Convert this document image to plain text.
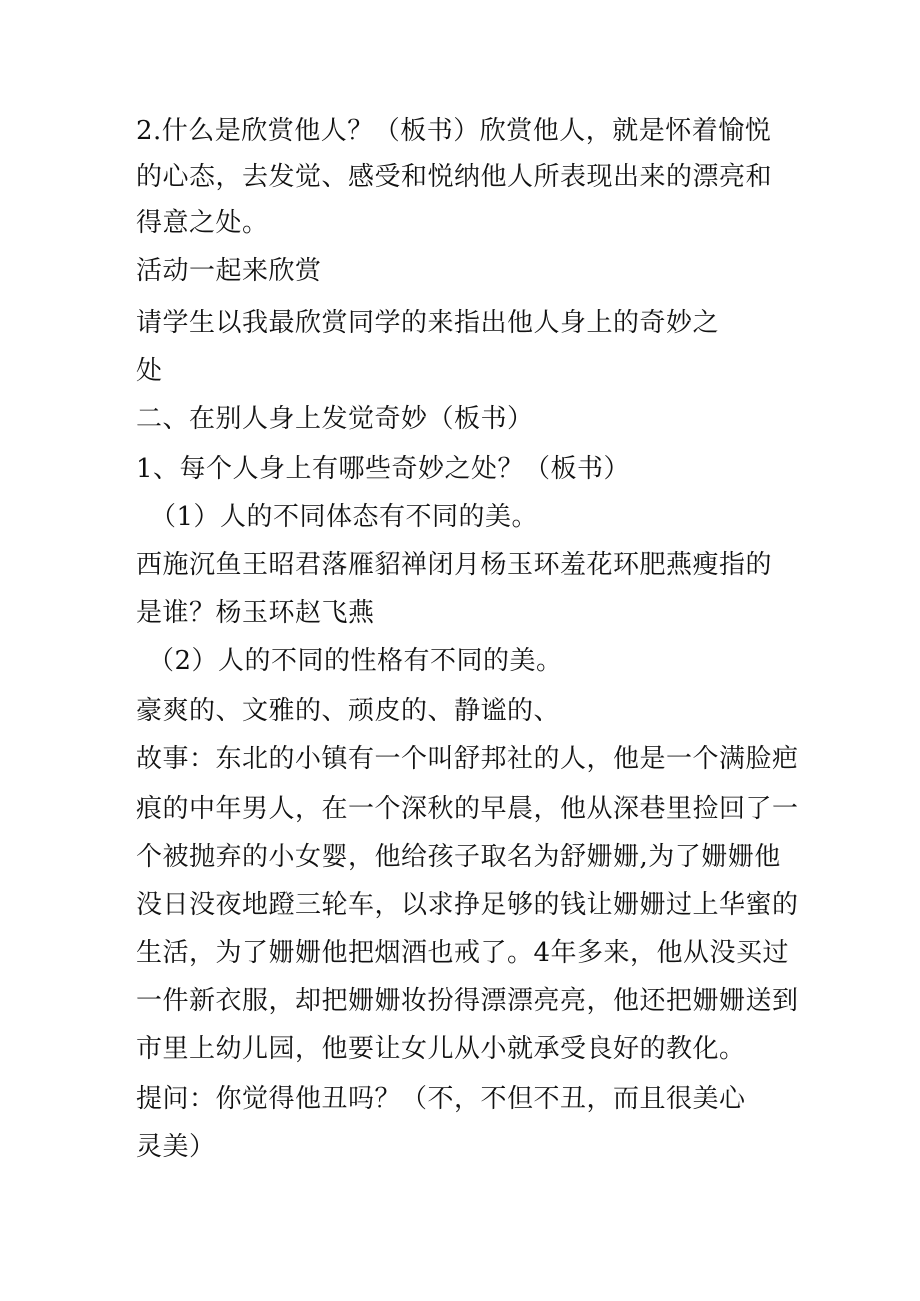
2.什么是欣赏他人？（板书）欣赏他人，就是怀着愉悦
的心态，去发觉、感受和悦纳他人所表现出来的漂亮和
得意之处。
活动一起来欣赏
请学生以我最欣赏同学的来指出他人身上的奇妙之
处
二、在别人身上发觉奇妙（板书）
1、每个人身上有哪些奇妙之处？（板书）
（1）人的不同体态有不同的美。
西施沉鱼王昭君落雁貂禅闭月杨玉环羞花环肥燕瘦指的
是谁？杨玉环赵飞燕
（2）人的不同的性格有不同的美。
豪爽的、文雅的、顽皮的、静谧的、
故事：东北的小镇有一个叫舒邦社的人，他是一个满脸疤
痕的中年男人，在一个深秋的早晨，他从深巷里捡回了一
个被抛弃的小女婴，他给孩子取名为舒姗姗,为了姗姗他
没日没夜地蹬三轮车，以求挣足够的钱让姗姗过上华蜜的
生活，为了姗姗他把烟酒也戒了。4年多来，他从没买过
一件新衣服，却把姗姗妆扮得漂漂亮亮，他还把姗姗送到
市里上幼儿园，他要让女儿从小就承受良好的教化。
提问：你觉得他丑吗？（不，不但不丑，而且很美心
灵美）
